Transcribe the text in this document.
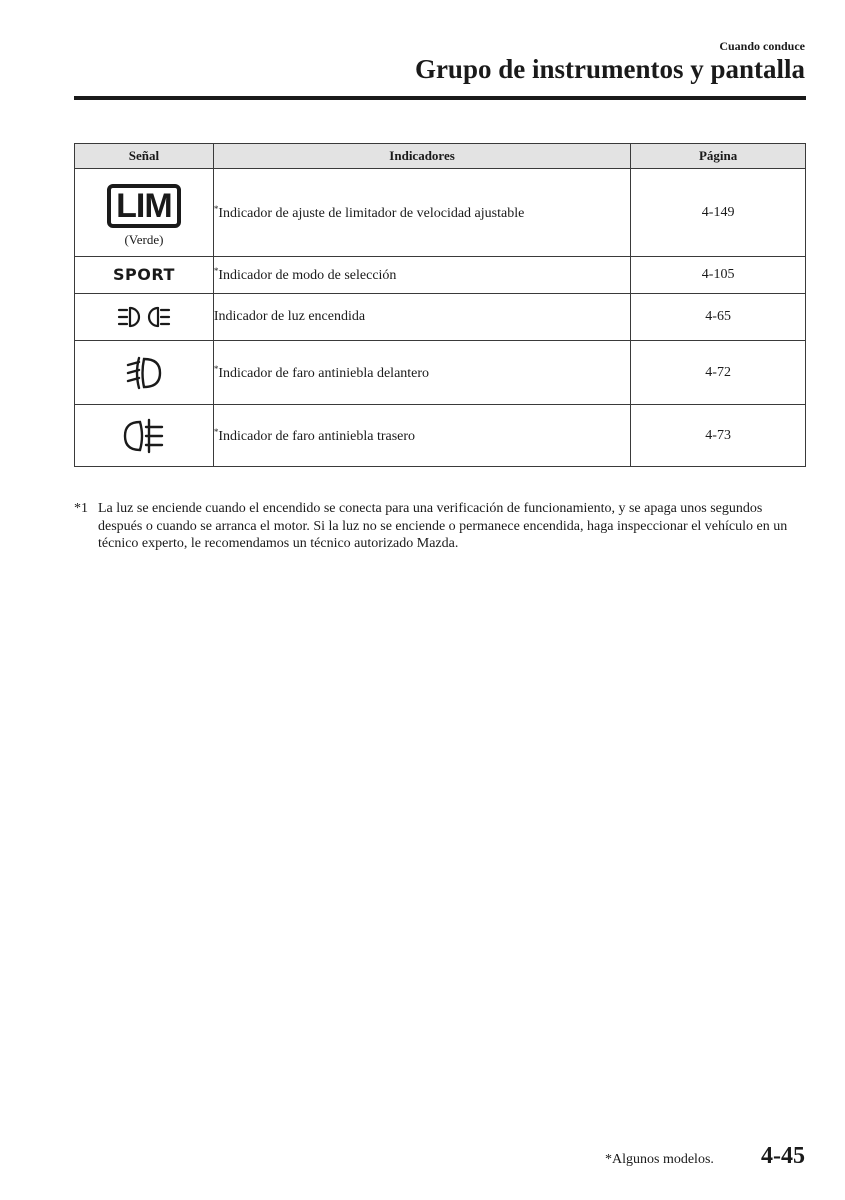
Cuando conduce
Grupo de instrumentos y pantalla
Señal	Indicadores	Página
LIM
(Verde)	*Indicador de ajuste de limitador de velocidad ajustable	4-149
SPORT	*Indicador de modo de selección	4-105
	Indicador de luz encendida	4-65
	*Indicador de faro antiniebla delantero	4-72
	*Indicador de faro antiniebla trasero	4-73
*1 La luz se enciende cuando el encendido se conecta para una verificación de funcionamiento, y se apaga unos segundos después o cuando se arranca el motor. Si la luz no se enciende o permanece encendida, haga inspeccionar el vehículo en un técnico experto, le recomendamos un técnico autorizado Mazda.
*Algunos modelos. 4-45
